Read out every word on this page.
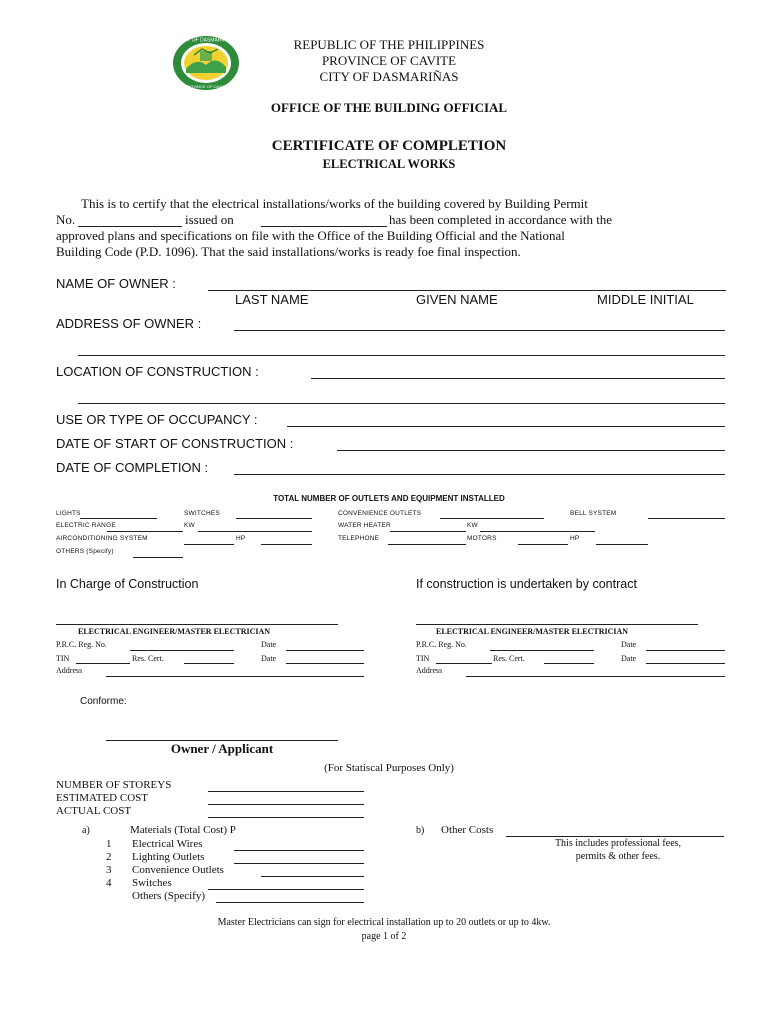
CITY OF DASMARIÑAS
PROVINCE OF CAVITE
REPUBLIC OF THE PHILIPPINES
PROVINCE OF CAVITE
CITY OF DASMARIÑAS
OFFICE OF THE BUILDING OFFICIAL
CERTIFICATE OF COMPLETION
ELECTRICAL WORKS
This is to certify that the electrical installations/works of the building covered by Building Permit
No.	issued on	has been completed in accordance with the
approved plans and specifications on file with the Office of the Building Official and the National
Building Code (P.D. 1096). That the said installations/works is ready foe final inspection.
NAME OF OWNER :
LAST NAME	GIVEN NAME	MIDDLE INITIAL
ADDRESS OF OWNER :
LOCATION OF CONSTRUCTION :
USE OR TYPE OF OCCUPANCY :
DATE OF START OF CONSTRUCTION :
DATE OF COMPLETION :
TOTAL NUMBER OF OUTLETS AND EQUIPMENT INSTALLED
LIGHTS	SWITCHES	CONVENIENCE OUTLETS	BELL SYSTEM
ELECTRIC RANGE	KW	WATER HEATER	KW
AIRCONDITIONING SYSTEM	HP	TELEPHONE	MOTORS	HP
OTHERS (Specify)
In Charge of Construction	If construction is undertaken by contract
ELECTRICAL ENGINEER/MASTER ELECTRICIAN
P.R.C. Reg. No.	Date
TIN	Res. Cert.	Date
Address
ELECTRICAL ENGINEER/MASTER ELECTRICIAN
P.R.C. Reg. No.	Date
TIN	Res. Cert.	Date
Address
Conforme:
Owner / Applicant
(For Statiscal Purposes Only)
NUMBER OF STOREYS
ESTIMATED COST
ACTUAL COST
a)	Materials (Total Cost) P
1 Electrical Wires
2 Lighting Outlets
3 Convenience Outlets
4 Switches
Others (Specify)
b) Other Costs
This includes professional fees,
permits & other fees.
Master Electricians can sign for electrical installation up to 20 outlets or up to 4kw.
page 1 of 2
